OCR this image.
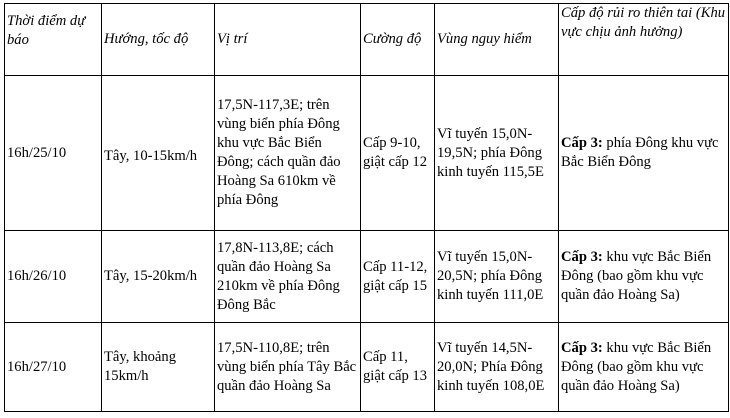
Thời điểm dự báo	Hướng, tốc độ	Vị trí	Cường độ	Vùng nguy hiểm	Cấp độ rủi ro thiên tai (Khu vực chịu ảnh hưởng)
16h/25/10	Tây, 10-15km/h	17,5N-117,3E; trên vùng biển phía Đông khu vực Bắc Biển Đông; cách quần đảo Hoàng Sa 610km về phía Đông	Cấp 9-10, giật cấp 12	Vĩ tuyến 15,0N-19,5N; phía Đông kinh tuyến 115,5E	Cấp 3: phía Đông khu vực Bắc Biển Đông
16h/26/10	Tây, 15-20km/h	17,8N-113,8E; cách quần đảo Hoàng Sa 210km về phía Đông Đông Bắc	Cấp 11-12, giật cấp 15	Vĩ tuyến 15,0N-20,5N; phía Đông kinh tuyến 111,0E	Cấp 3: khu vực Bắc Biển Đông (bao gồm khu vực quần đảo Hoàng Sa)
16h/27/10	Tây, khoảng 15km/h	17,5N-110,8E; trên vùng biển phía Tây Bắc quần đảo Hoàng Sa	Cấp 11, giật cấp 13	Vĩ tuyến 14,5N-20,0N; Phía Đông kinh tuyến 108,0E	Cấp 3: khu vực Bắc Biển Đông (bao gồm khu vực quần đảo Hoàng Sa)
